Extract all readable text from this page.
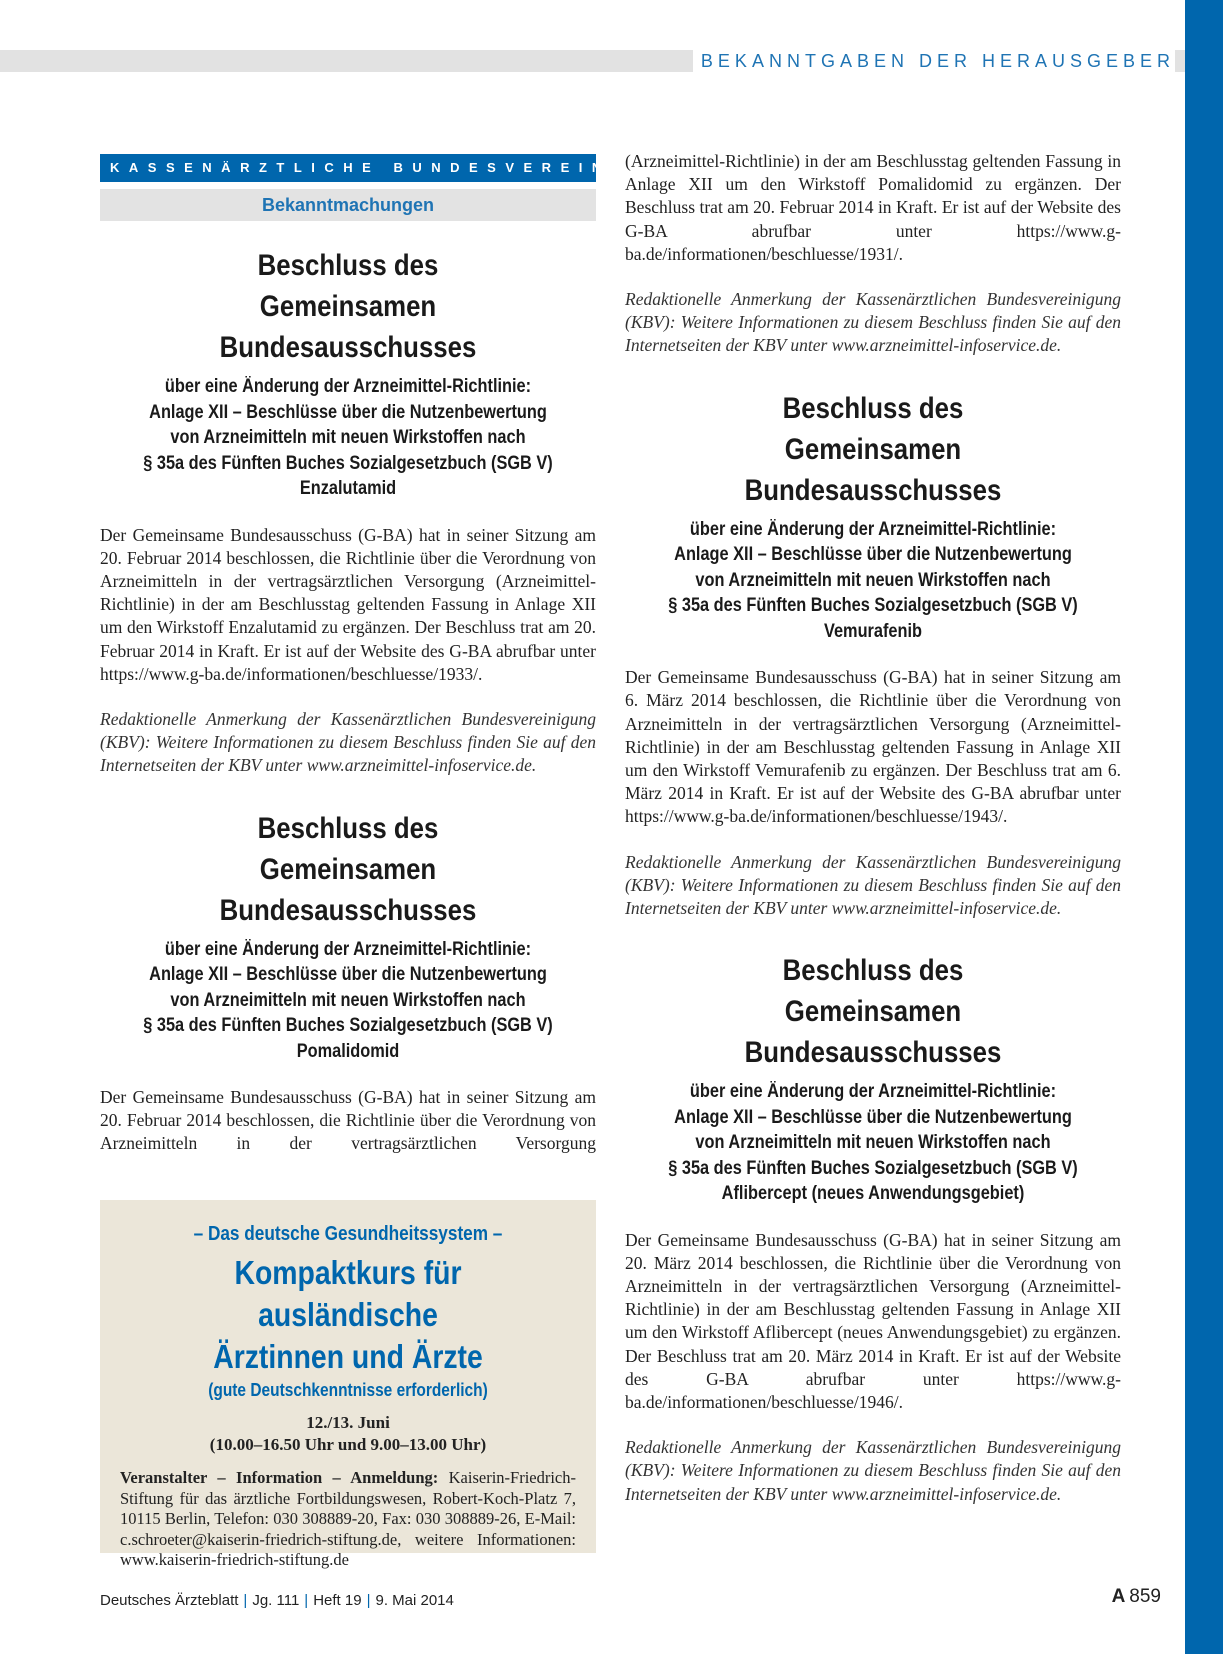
BEKANNTGABEN DER HERAUSGEBER
KASSENÄRZTLICHE BUNDESVEREINIGUNG
Bekanntmachungen
Beschluss des
Gemeinsamen Bundesausschusses
über eine Änderung der Arzneimittel-Richtlinie:
Anlage XII – Beschlüsse über die Nutzenbewertung
von Arzneimitteln mit neuen Wirkstoffen nach
§ 35a des Fünften Buches Sozialgesetzbuch (SGB V)
Enzalutamid

Der Gemeinsame Bundesausschuss (G-BA) hat in seiner Sitzung am 20. Februar 2014 beschlossen, die Richtlinie über die Verordnung von Arzneimitteln in der vertragsärztlichen Versorgung (Arzneimittel-Richtlinie) in der am Beschlusstag geltenden Fassung in Anlage XII um den Wirkstoff Enzalutamid zu ergänzen. Der Beschluss trat am 20. Februar 2014 in Kraft. Er ist auf der Website des G-BA abrufbar unter https://www.g-ba.de/informationen/beschluesse/1933/.

Redaktionelle Anmerkung der Kassenärztlichen Bundesvereinigung (KBV): Weitere Informationen zu diesem Beschluss finden Sie auf den Internetseiten der KBV unter www.arzneimittel-infoservice.de.

Beschluss des
Gemeinsamen Bundesausschusses
über eine Änderung der Arzneimittel-Richtlinie:
Anlage XII – Beschlüsse über die Nutzenbewertung
von Arzneimitteln mit neuen Wirkstoffen nach
§ 35a des Fünften Buches Sozialgesetzbuch (SGB V)
Pomalidomid

Der Gemeinsame Bundesausschuss (G-BA) hat in seiner Sitzung am 20. Februar 2014 beschlossen, die Richtlinie über die Verordnung von Arzneimitteln in der vertragsärztlichen Versorgung

– Das deutsche Gesundheitssystem –
Kompaktkurs für ausländische
Ärztinnen und Ärzte
(gute Deutschkenntnisse erforderlich)
12./13. Juni
(10.00–16.50 Uhr und 9.00–13.00 Uhr)
Veranstalter – Information – Anmeldung: Kaiserin-Friedrich-Stiftung für das ärztliche Fortbildungswesen, Robert-Koch-Platz 7, 10115 Berlin, Telefon: 030 308889-20, Fax: 030 308889-26, E-Mail: c.schroeter@kaiserin-friedrich-stiftung.de, weitere Informationen: www.kaiserin-friedrich-stiftung.de

(Arzneimittel-Richtlinie) in der am Beschlusstag geltenden Fassung in Anlage XII um den Wirkstoff Pomalidomid zu ergänzen. Der Beschluss trat am 20. Februar 2014 in Kraft. Er ist auf der Website des G-BA abrufbar unter https://www.g-ba.de/informationen/beschluesse/1931/.

Redaktionelle Anmerkung der Kassenärztlichen Bundesvereinigung (KBV): Weitere Informationen zu diesem Beschluss finden Sie auf den Internetseiten der KBV unter www.arzneimittel-infoservice.de.

Beschluss des
Gemeinsamen Bundesausschusses
über eine Änderung der Arzneimittel-Richtlinie:
Anlage XII – Beschlüsse über die Nutzenbewertung
von Arzneimitteln mit neuen Wirkstoffen nach
§ 35a des Fünften Buches Sozialgesetzbuch (SGB V)
Vemurafenib

Der Gemeinsame Bundesausschuss (G-BA) hat in seiner Sitzung am 6. März 2014 beschlossen, die Richtlinie über die Verordnung von Arzneimitteln in der vertragsärztlichen Versorgung (Arzneimittel-Richtlinie) in der am Beschlusstag geltenden Fassung in Anlage XII um den Wirkstoff Vemurafenib zu ergänzen. Der Beschluss trat am 6. März 2014 in Kraft. Er ist auf der Website des G-BA abrufbar unter https://www.g-ba.de/informationen/beschluesse/1943/.

Redaktionelle Anmerkung der Kassenärztlichen Bundesvereinigung (KBV): Weitere Informationen zu diesem Beschluss finden Sie auf den Internetseiten der KBV unter www.arzneimittel-infoservice.de.

Beschluss des
Gemeinsamen Bundesausschusses
über eine Änderung der Arzneimittel-Richtlinie:
Anlage XII – Beschlüsse über die Nutzenbewertung
von Arzneimitteln mit neuen Wirkstoffen nach
§ 35a des Fünften Buches Sozialgesetzbuch (SGB V)
Aflibercept (neues Anwendungsgebiet)

Der Gemeinsame Bundesausschuss (G-BA) hat in seiner Sitzung am 20. März 2014 beschlossen, die Richtlinie über die Verordnung von Arzneimitteln in der vertragsärztlichen Versorgung (Arzneimittel-Richtlinie) in der am Beschlusstag geltenden Fassung in Anlage XII um den Wirkstoff Aflibercept (neues Anwendungsgebiet) zu ergänzen. Der Beschluss trat am 20. März 2014 in Kraft. Er ist auf der Website des G-BA abrufbar unter https://www.g-ba.de/informationen/beschluesse/1946/.

Redaktionelle Anmerkung der Kassenärztlichen Bundesvereinigung (KBV): Weitere Informationen zu diesem Beschluss finden Sie auf den Internetseiten der KBV unter www.arzneimittel-infoservice.de.

Deutsches Ärzteblatt | Jg. 111 | Heft 19 | 9. Mai 2014	A 859
